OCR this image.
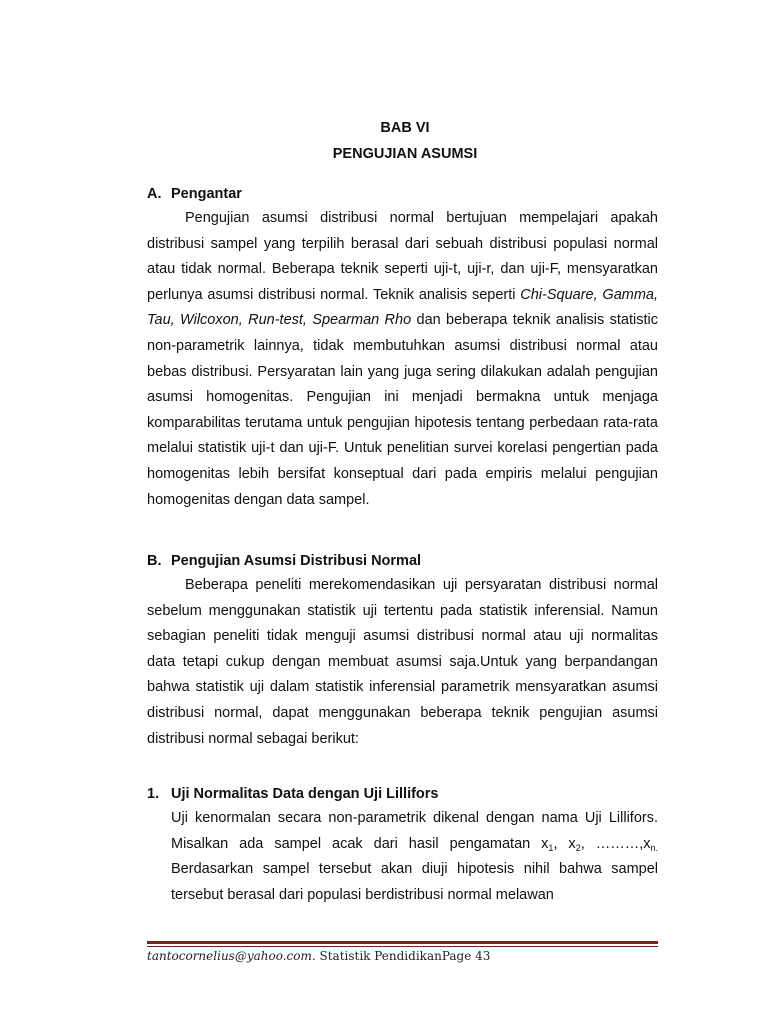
BAB VI
PENGUJIAN ASUMSI
A. Pengantar

Pengujian asumsi distribusi normal bertujuan mempelajari apakah distribusi sampel yang terpilih berasal dari sebuah distribusi populasi normal atau tidak normal. Beberapa teknik seperti uji-t, uji-r, dan uji-F, mensyaratkan perlunya asumsi distribusi normal. Teknik analisis seperti Chi-Square, Gamma, Tau, Wilcoxon, Run-test, Spearman Rho dan beberapa teknik analisis statistic non-parametrik lainnya, tidak membutuhkan asumsi distribusi normal atau bebas distribusi. Persyaratan lain yang juga sering dilakukan adalah pengujian asumsi homogenitas. Pengujian ini menjadi bermakna untuk menjaga komparabilitas terutama untuk pengujian hipotesis tentang perbedaan rata-rata melalui statistik uji-t dan uji-F. Untuk penelitian survei korelasi pengertian pada homogenitas lebih bersifat konseptual dari pada empiris melalui pengujian homogenitas dengan data sampel.

B. Pengujian Asumsi Distribusi Normal

Beberapa peneliti merekomendasikan uji persyaratan distribusi normal sebelum menggunakan statistik uji tertentu pada statistik inferensial. Namun sebagian peneliti tidak menguji asumsi distribusi normal atau uji normalitas data tetapi cukup dengan membuat asumsi saja.Untuk yang berpandangan bahwa statistik uji dalam statistik inferensial parametrik mensyaratkan asumsi distribusi normal, dapat menggunakan beberapa teknik pengujian asumsi distribusi normal sebagai berikut:

1. Uji Normalitas Data dengan Uji Lillifors

Uji kenormalan secara non-parametrik dikenal dengan nama Uji Lillifors. Misalkan ada sampel acak dari hasil pengamatan $x_1$, $x_2$, $\dots\dots\dots,x_{n.}$ Berdasarkan sampel tersebut akan diuji hipotesis nihil bahwa sampel tersebut berasal dari populasi berdistribusi normal melawan

tantocornelius@yahoo.com. Statistik PendidikanPage 43
